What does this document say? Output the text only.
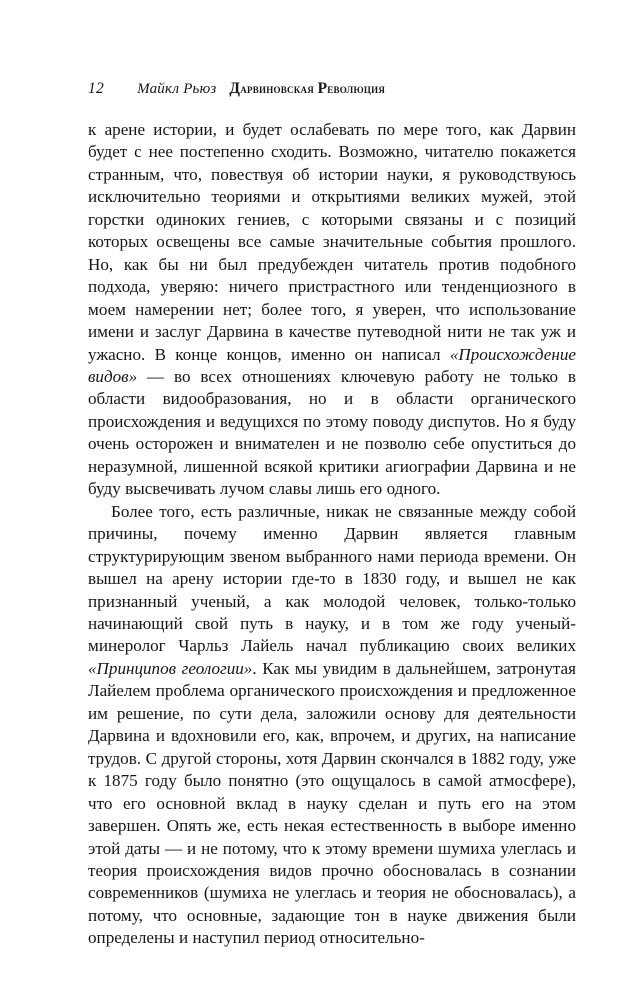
12 Майкл Рьюз Дарвиновская Революция

к арене истории, и будет ослабевать по мере того, как Дарвин будет с нее постепенно сходить. Возможно, читателю покажется странным, что, повествуя об истории науки, я руководствуюсь исключительно теориями и открытиями великих мужей, этой горстки одиноких гениев, с которыми связаны и с позиций которых освещены все самые значительные события прошлого. Но, как бы ни был предубежден читатель против подобного подхода, уверяю: ничего пристрастного или тенденциозного в моем намерении нет; более того, я уверен, что использование имени и заслуг Дарвина в качестве путеводной нити не так уж и ужасно. В конце концов, именно он написал «Происхождение видов» — во всех отношениях ключевую работу не только в области видообразования, но и в области органического происхождения и ведущихся по этому поводу диспутов. Но я буду очень осторожен и внимателен и не позволю себе опуститься до неразумной, лишенной всякой критики агиографии Дарвина и не буду высвечивать лучом славы лишь его одного.

Более того, есть различные, никак не связанные между собой причины, почему именно Дарвин является главным структурирующим звеном выбранного нами периода времени. Он вышел на арену истории где-то в 1830 году, и вышел не как признанный ученый, а как молодой человек, только-только начинающий свой путь в науку, и в том же году ученый-минеролог Чарльз Лайель начал публикацию своих великих «Принципов геологии». Как мы увидим в дальнейшем, затронутая Лайелем проблема органического происхождения и предложенное им решение, по сути дела, заложили основу для деятельности Дарвина и вдохновили его, как, впрочем, и других, на написание трудов. С другой стороны, хотя Дарвин скончался в 1882 году, уже к 1875 году было понятно (это ощущалось в самой атмосфере), что его основной вклад в науку сделан и путь его на этом завершен. Опять же, есть некая естественность в выборе именно этой даты — и не потому, что к этому времени шумиха улеглась и теория происхождения видов прочно обосновалась в сознании современников (шумиха не улеглась и теория не обосновалась), а потому, что основные, задающие тон в науке движения были определены и наступил период относительно-
